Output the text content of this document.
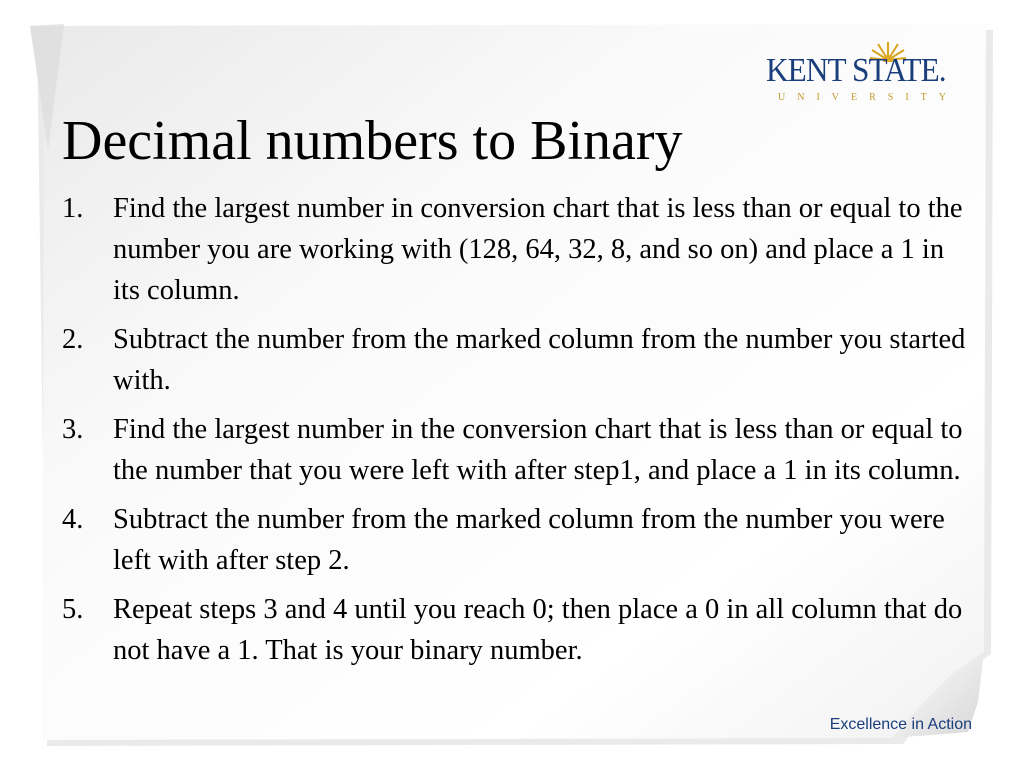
KENT STATE.
UNIVERSITY
Decimal numbers to Binary
1.	Find the largest number in conversion chart that is less than or equal to the number you are working with (128, 64, 32, 8, and so on) and place a 1 in its column.
2.	Subtract the number from the marked column from the number you started with.
3.	Find the largest number in the conversion chart that is less than or equal to the number that you were left with after step1, and place a 1 in its column.
4.	Subtract the number from the marked column from the number you were left with after step 2.
5.	Repeat steps 3 and 4 until you reach 0; then place a 0 in all column that do not have a 1. That is your binary number.
Excellence in Action
